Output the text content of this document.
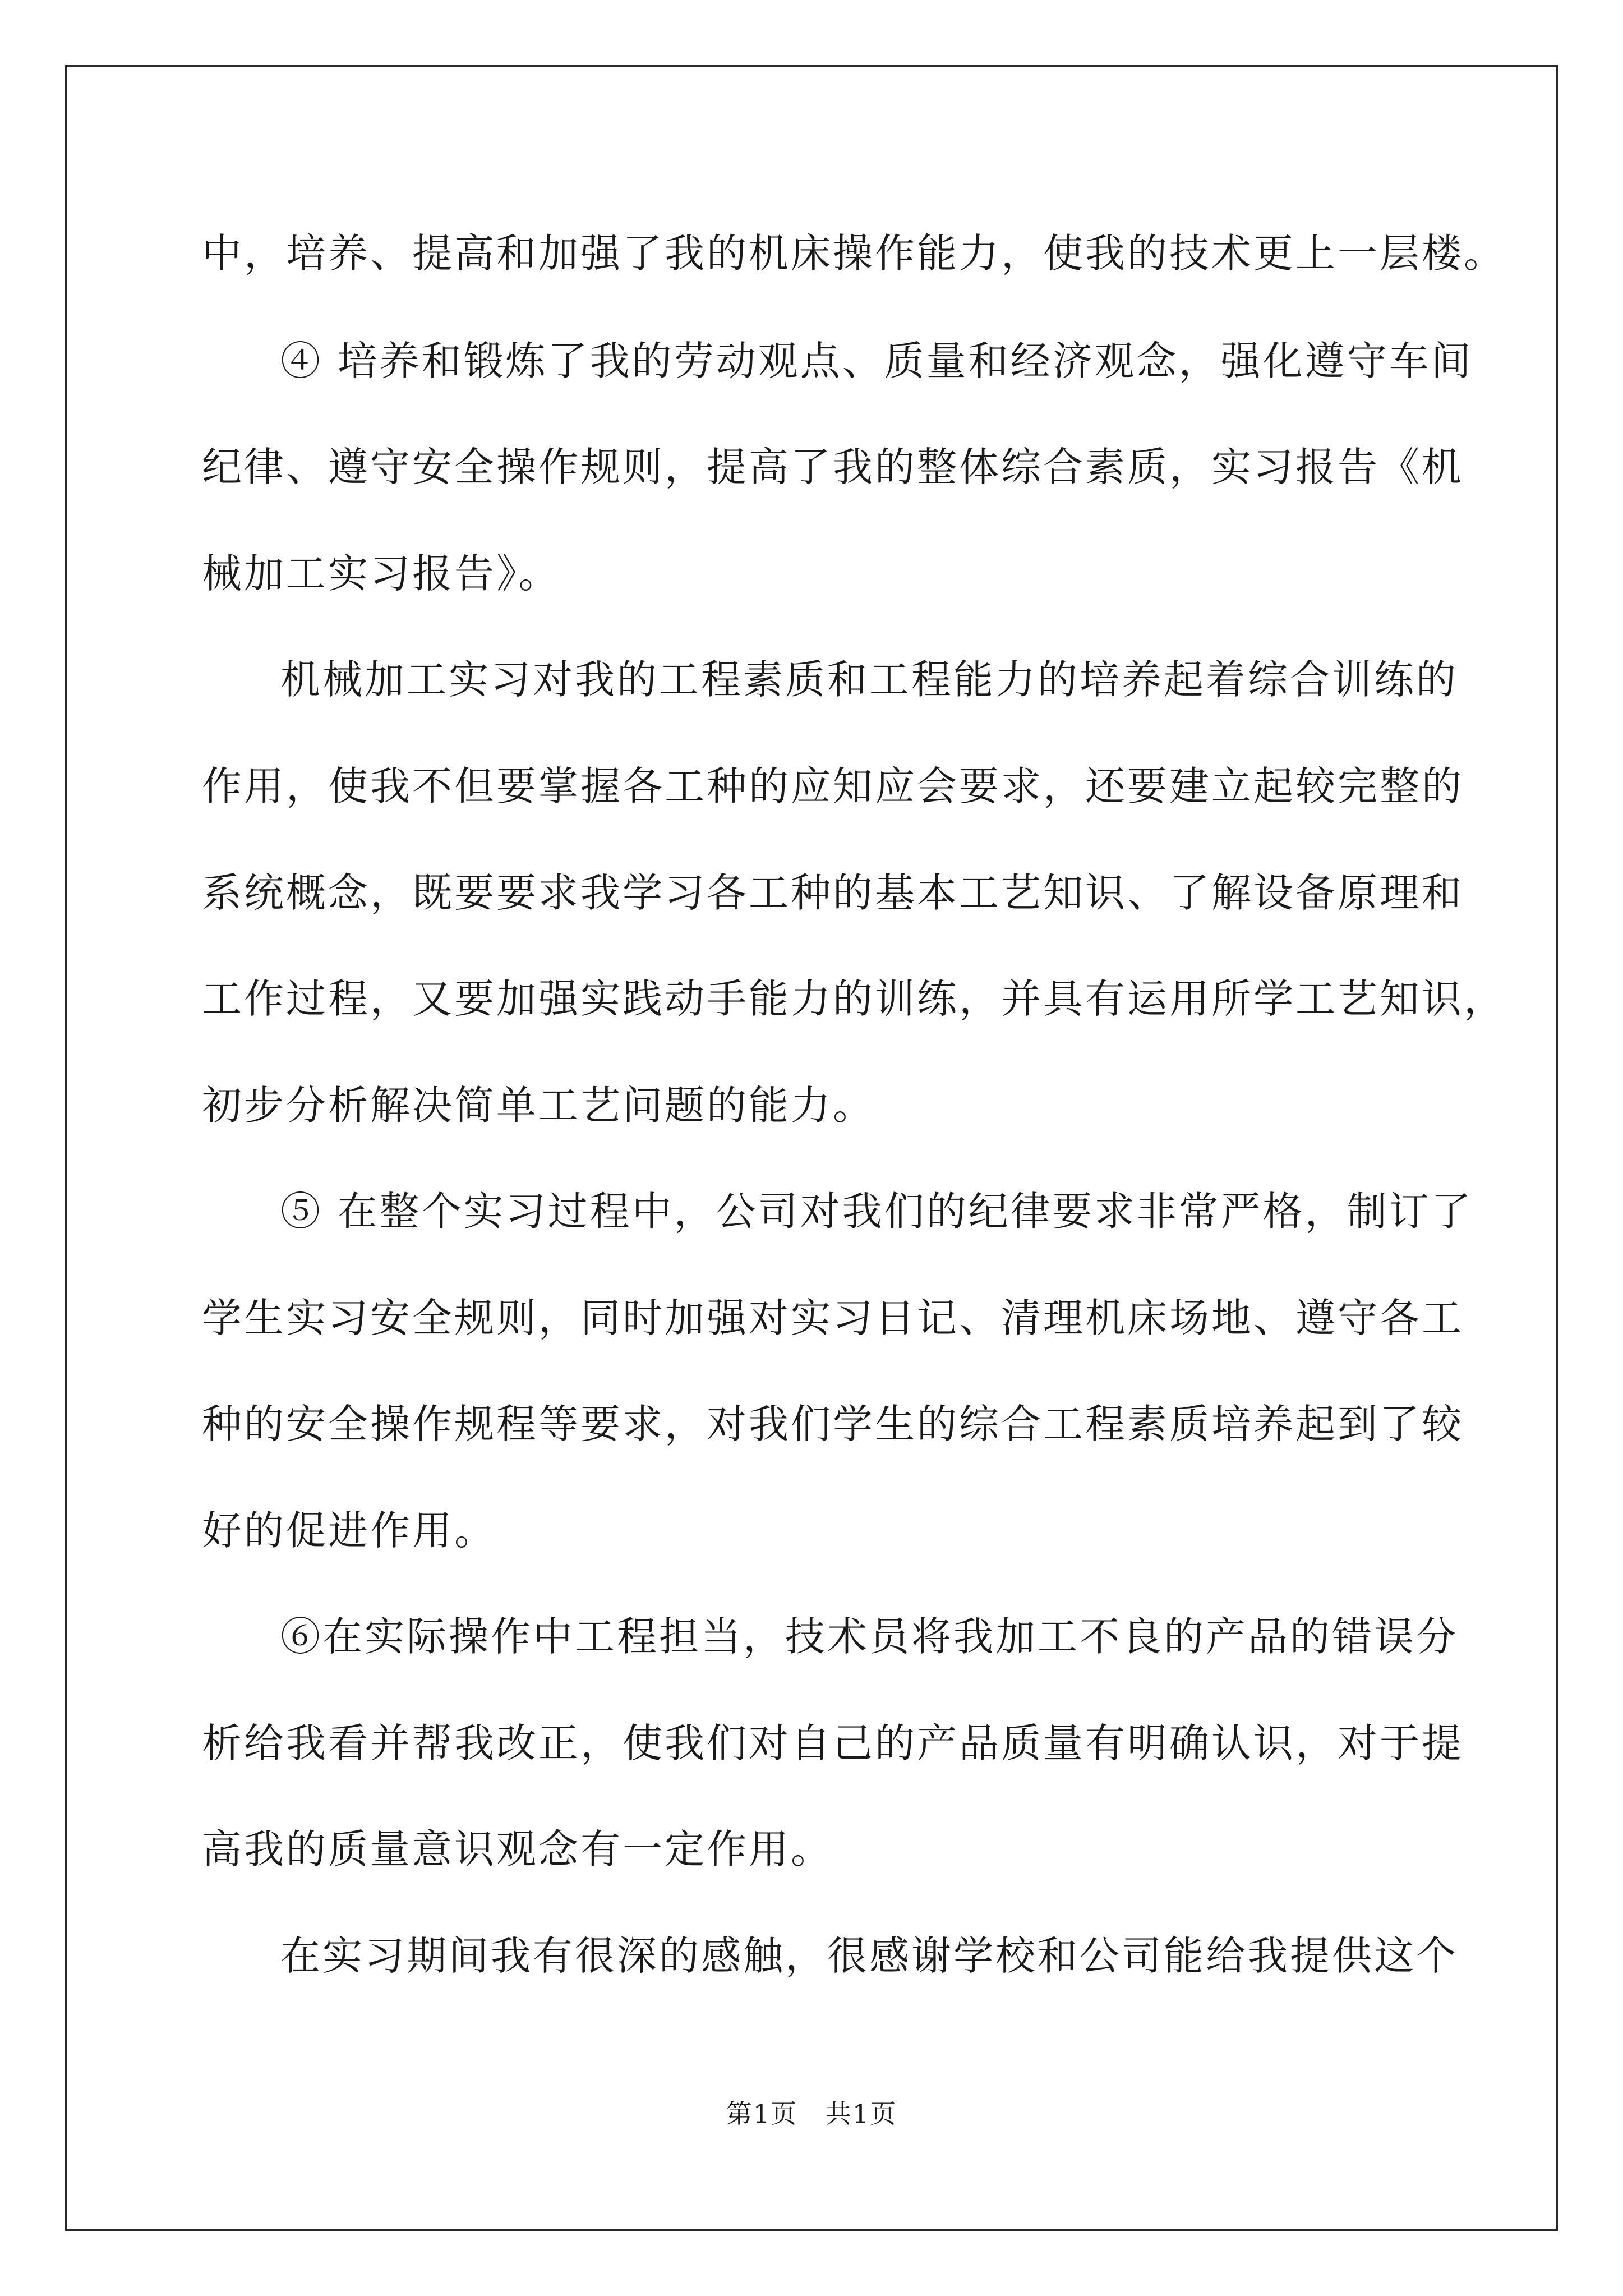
中，培养、提高和加强了我的机床操作能力，使我的技术更上一层楼。
④ 培养和锻炼了我的劳动观点、质量和经济观念，强化遵守车间
纪律、遵守安全操作规则，提高了我的整体综合素质，实习报告《机
械加工实习报告》。
机械加工实习对我的工程素质和工程能力的培养起着综合训练的
作用，使我不但要掌握各工种的应知应会要求，还要建立起较完整的
系统概念，既要要求我学习各工种的基本工艺知识、了解设备原理和
工作过程，又要加强实践动手能力的训练，并具有运用所学工艺知识，
初步分析解决简单工艺问题的能力。
⑤ 在整个实习过程中，公司对我们的纪律要求非常严格，制订了
学生实习安全规则，同时加强对实习日记、清理机床场地、遵守各工
种的安全操作规程等要求，对我们学生的综合工程素质培养起到了较
好的促进作用。
⑥在实际操作中工程担当，技术员将我加工不良的产品的错误分
析给我看并帮我改正，使我们对自己的产品质量有明确认识，对于提
高我的质量意识观念有一定作用。
在实习期间我有很深的感触，很感谢学校和公司能给我提供这个
第1页   共1页
